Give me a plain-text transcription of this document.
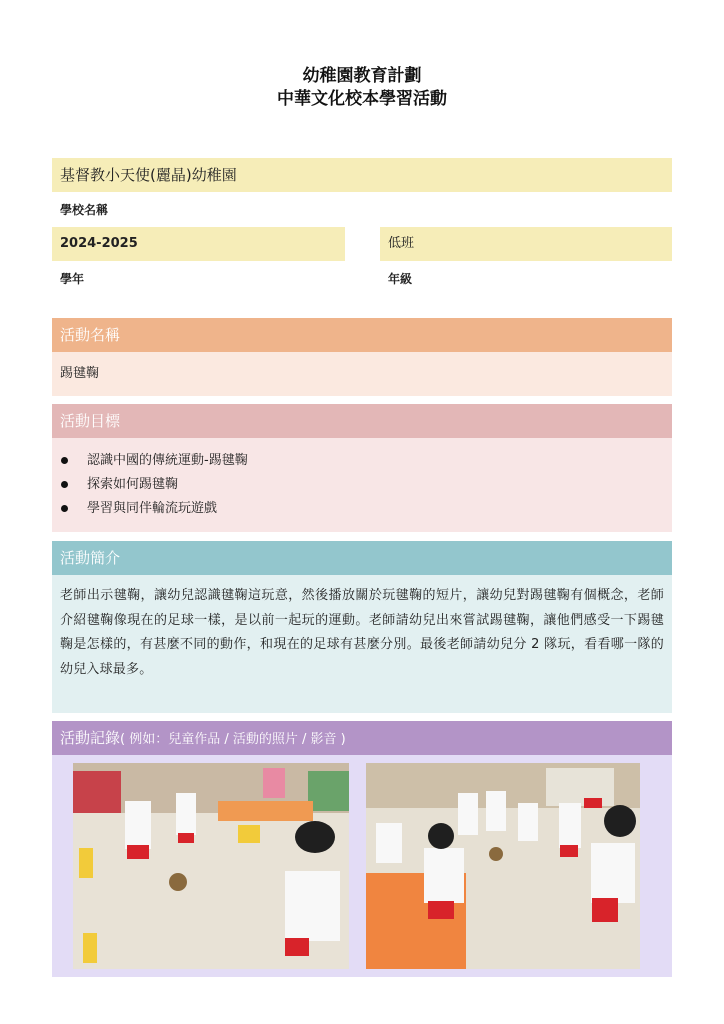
幼稚園教育計劃
中華文化校本學習活動
基督教小天使(麗晶)幼稚園
學校名稱
2024-2025	低班
學年	年級
活動名稱
踢毽鞠
活動目標
認識中國的傳統運動-踢毽鞠
探索如何踢毽鞠
學習與同伴輪流玩遊戲
活動簡介
老師出示毽鞠，讓幼兒認識毽鞠這玩意，然後播放關於玩毽鞠的短片，讓幼兒對踢毽鞠有個概念，老師介紹毽鞠像現在的足球一樣，是以前一起玩的運動。老師請幼兒出來嘗試踢毽鞠，讓他們感受一下踢毽鞠是怎樣的，有甚麼不同的動作，和現在的足球有甚麼分別。最後老師請幼兒分 2 隊玩，看看哪一隊的幼兒入球最多。
活動記錄( 例如：兒童作品 / 活動的照片 / 影音 )
